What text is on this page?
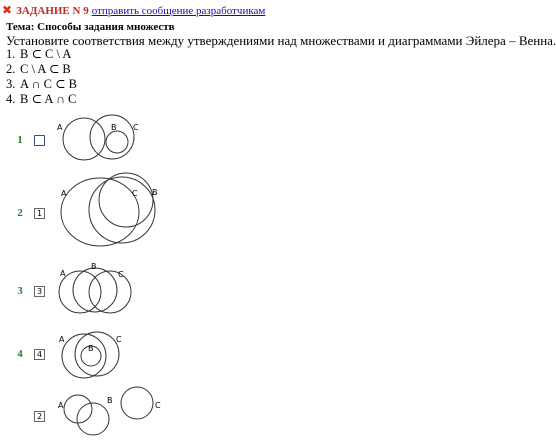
✖ ЗАДАНИЕ N 9 отправить сообщение разработчикам
Тема: Способы задания множеств
Установите соответствия между утверждениями над множествами и диаграммами Эйлера – Венна.
1. B ⊂ C \ A
2. C \ A ⊂ B
3. A ∩ C ⊂ B
4. B ⊂ A ∩ C
1
2
3
4
1
3
4
2
A	B C
A	C B
A
B
C
A
B
C
A
B
C
